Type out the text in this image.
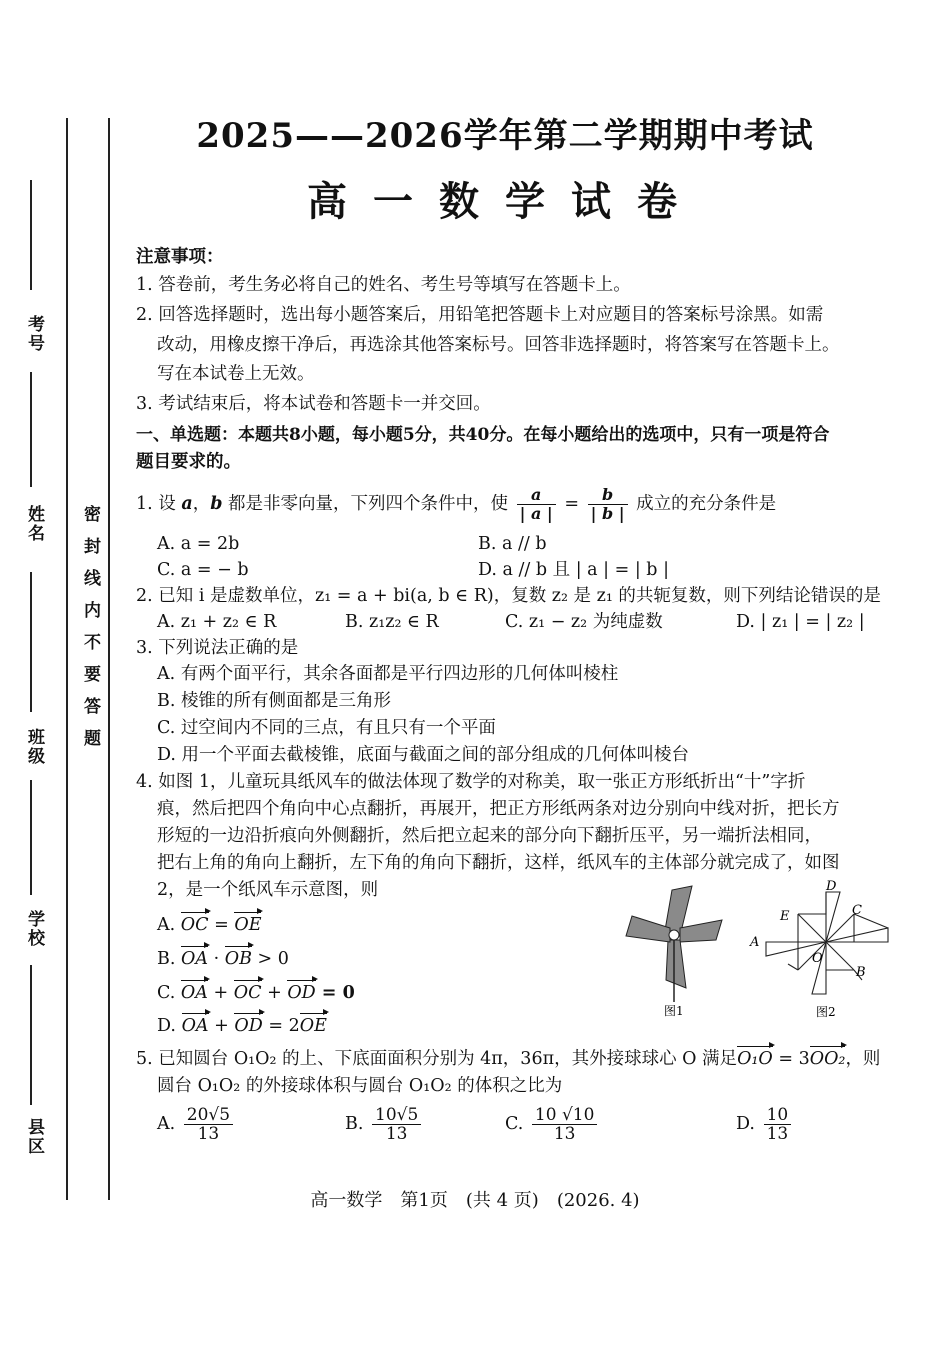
考号
姓名
班级
学校
县区
密封线内不要答题
2025——2026学年第二学期期中考试
高一数学试卷
注意事项：
1. 答卷前，考生务必将自己的姓名、考生号等填写在答题卡上。
2. 回答选择题时，选出每小题答案后，用铅笔把答题卡上对应题目的答案标号涂黑。如需
改动，用橡皮擦干净后，再选涂其他答案标号。回答非选择题时，将答案写在答题卡上。
写在本试卷上无效。
3. 考试结束后，将本试卷和答题卡一并交回。
一、单选题：本题共8小题，每小题5分，共40分。在每小题给出的选项中，只有一项是符合
题目要求的。
1. 设 a，b 都是非零向量，下列四个条件中，使 $\frac{a}{| a |} = \frac{b}{| b |}$ 成立的充分条件是
A. a = 2b	B. a // b
C. a = − b	D. a // b 且 | a | = | b |
2. 已知 i 是虚数单位，z₁ = a + bi(a, b ∈ R)，复数 z₂ 是 z₁ 的共轭复数，则下列结论错误的是
A. z₁ + z₂ ∈ R	B. z₁z₂ ∈ R	C. z₁ − z₂ 为纯虚数	D. | z₁ | = | z₂ |
3. 下列说法正确的是
A. 有两个面平行，其余各面都是平行四边形的几何体叫棱柱
B. 棱锥的所有侧面都是三角形
C. 过空间内不同的三点，有且只有一个平面
D. 用一个平面去截棱锥，底面与截面之间的部分组成的几何体叫棱台
4. 如图 1，儿童玩具纸风车的做法体现了数学的对称美，取一张正方形纸折出“十”字折
痕，然后把四个角向中心点翻折，再展开，把正方形纸两条对边分别向中线对折，把长方
形短的一边沿折痕向外侧翻折，然后把立起来的部分向下翻折压平，另一端折法相同，
把右上角的角向上翻折，左下角的角向下翻折，这样，纸风车的主体部分就完成了，如图
2，是一个纸风车示意图，则
A. OC = OE
B. OA · OB > 0
C. OA + OC + OD = 0
D. OA + OD = 2OE
图1
D
E	C
A
O
B
图2
5. 已知圆台 O₁O₂ 的上、下底面面积分别为 4π，36π，其外接球球心 O 满足O₁O = 3OO₂，则
圆台 O₁O₂ 的外接球体积与圆台 O₁O₂ 的体积之比为
A. $\frac{20√5}{13}$	B. $\frac{10√5}{13}$	C. $\frac{10 √10}{13}$	D. $\frac{10}{13}$
高一数学　第1页　(共 4 页)　(2026. 4)
